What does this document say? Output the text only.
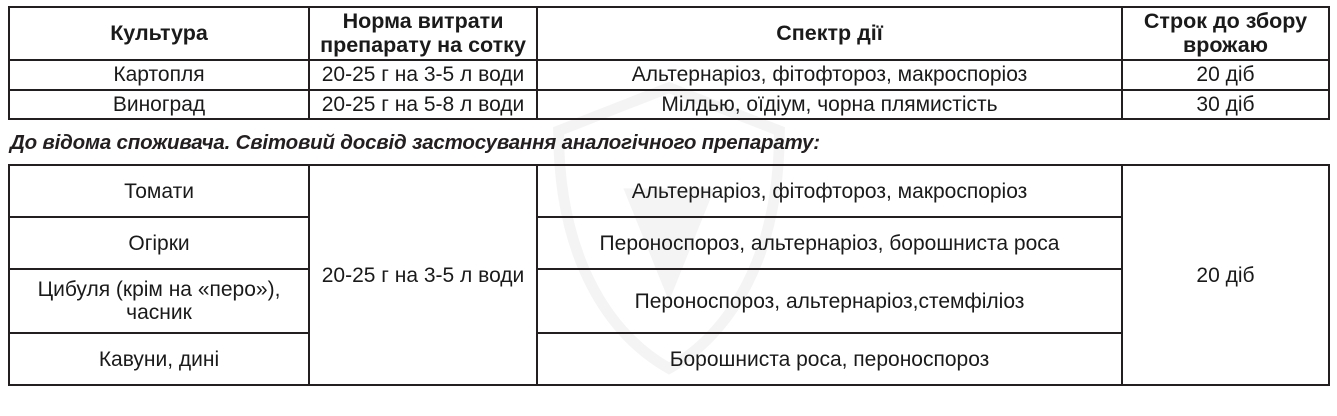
Культура	Норма витрати препарату на сотку	Спектр дії	Строк до збору врожаю
Картопля	20-25 г на 3-5 л води	Альтернаріоз, фітофтороз, макроспоріоз	20 діб
Виноград	20-25 г на 5-8 л води	Мілдью, оїдіум, чорна плямистість	30 діб
До відома споживача. Світовий досвід застосування аналогічного препарату:
Томати	20-25 г на 3-5 л води	Альтернаріоз, фітофтороз, макроспоріоз	20 діб
Огірки		Пероноспороз, альтернаріоз, борошниста роса	
Цибуля (крім на «перо»), часник		Пероноспороз, альтернаріоз,стемфіліоз	
Кавуни, дині		Борошниста роса, пероноспороз	
